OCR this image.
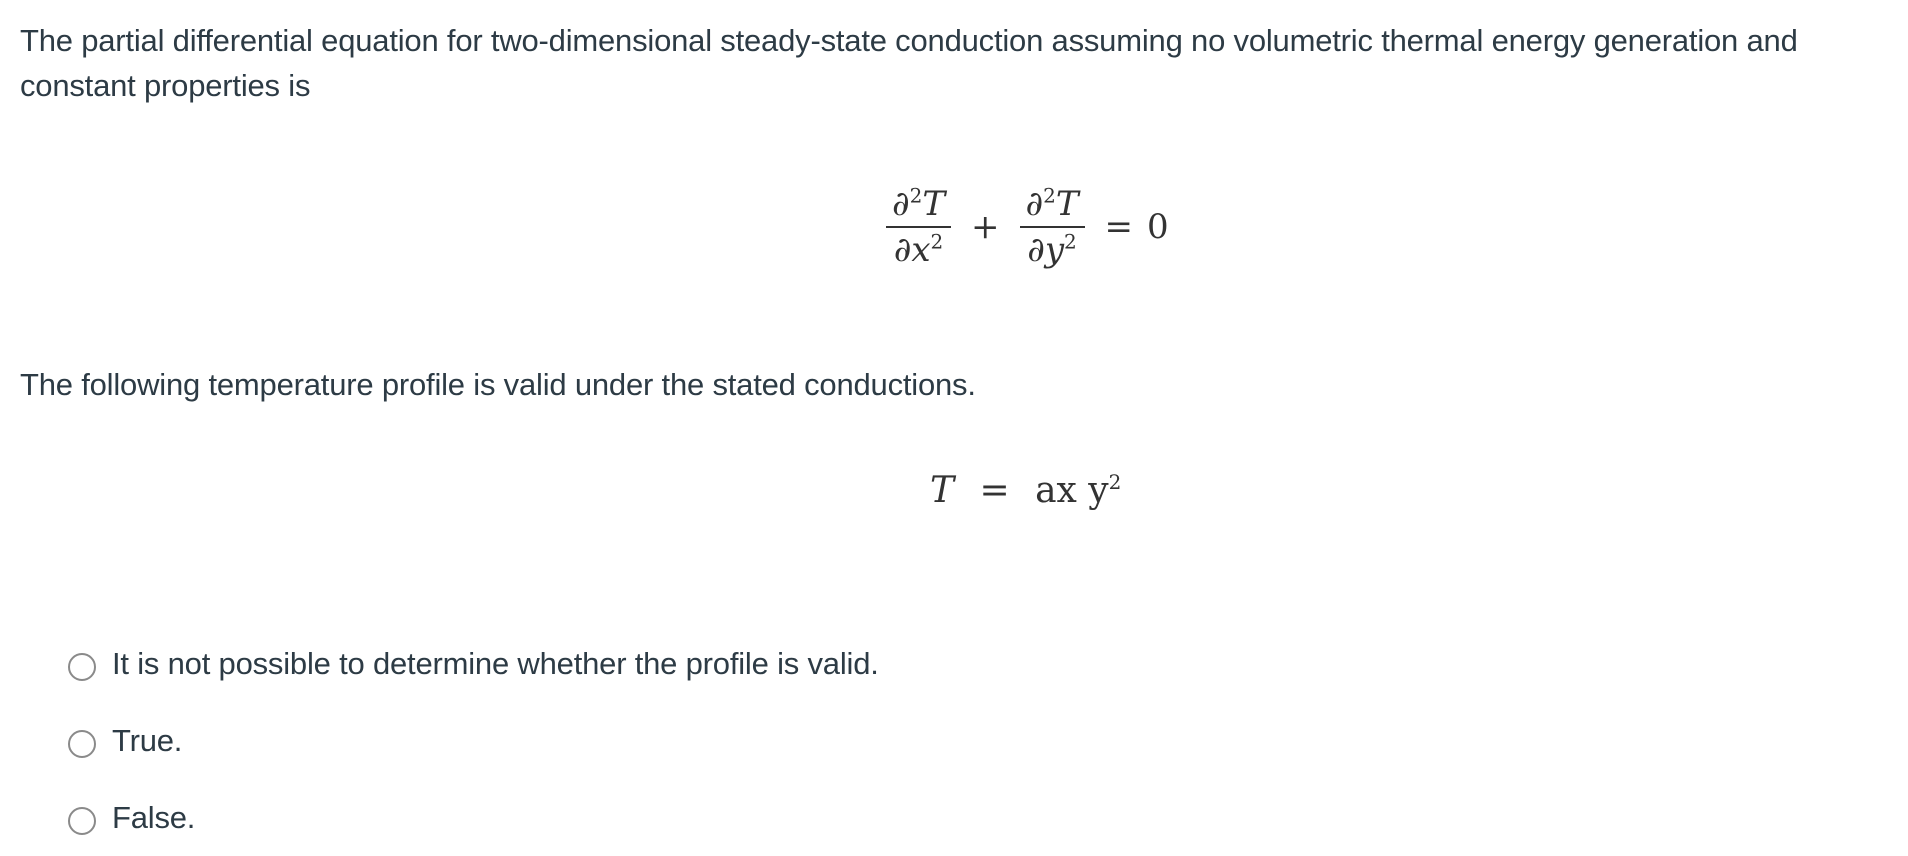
The partial differential equation for two-dimensional steady-state conduction assuming no volumetric thermal energy generation and constant properties is

$\frac{\partial^2T}{\partial x^2} + \frac{\partial^2T}{\partial y^2} = 0$

The following temperature profile is valid under the stated conductions.

T = ax $y^2$
It is not possible to determine whether the profile is valid.
True.
False.
